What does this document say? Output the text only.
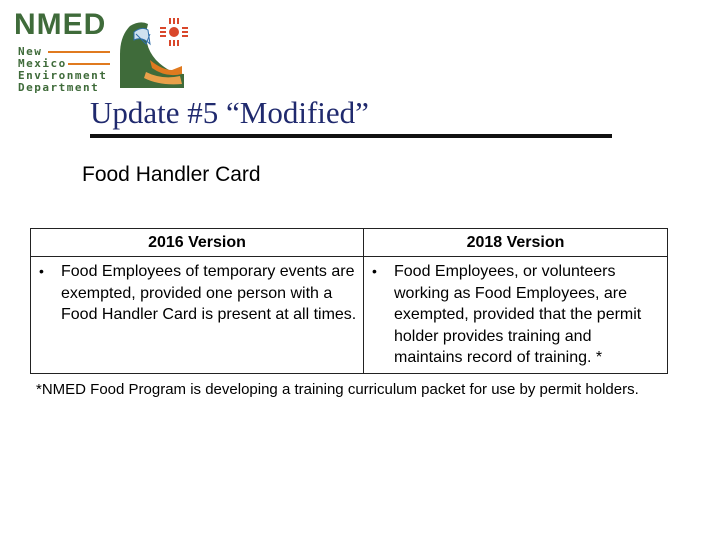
NMED
New
Mexico
Environment
Department
Update #5 “Modified”
Food Handler Card
2016 Version	2018 Version

• Food Employees of temporary events are exempted, provided one person with a Food Handler Card is present at all times.	• Food Employees, or volunteers working as Food Employees, are exempted, provided that the permit holder provides training and maintains record of training. *
*NMED Food Program is developing a training curriculum packet for use by permit holders.
